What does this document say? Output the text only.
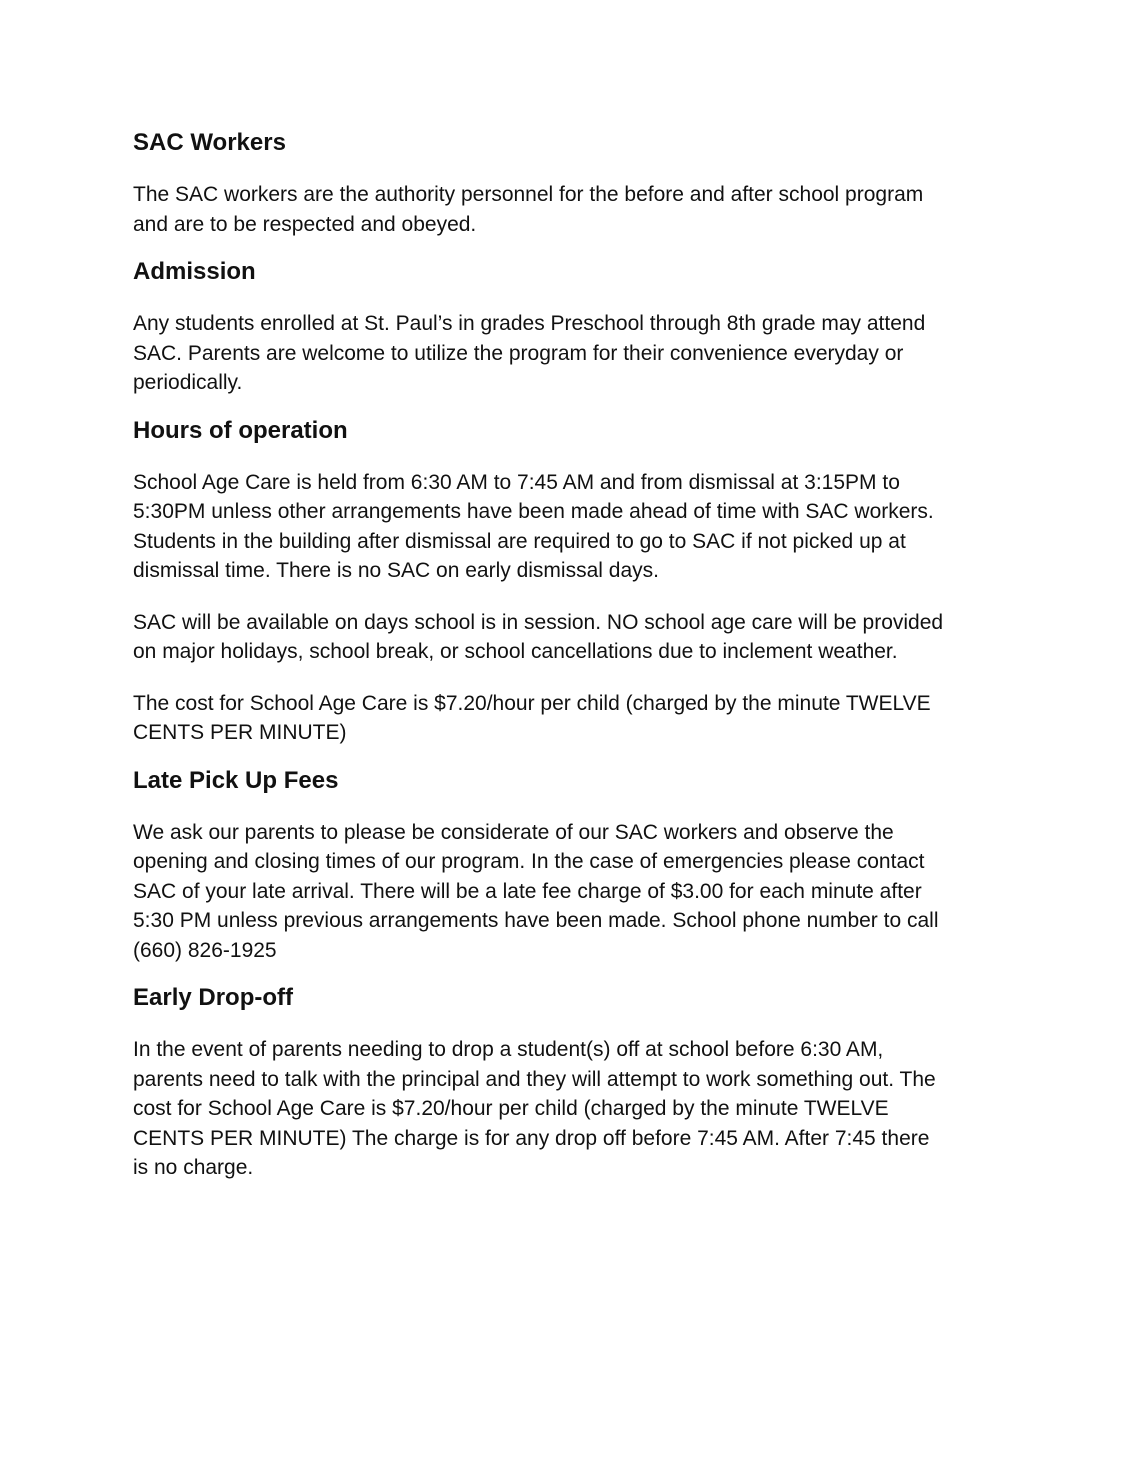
SAC Workers

The SAC workers are the authority personnel for the before and after school program
and are to be respected and obeyed.

Admission

Any students enrolled at St. Paul’s in grades Preschool through 8th grade may attend
SAC. Parents are welcome to utilize the program for their convenience everyday or
periodically.

Hours of operation

School Age Care is held from 6:30 AM to 7:45 AM and from dismissal at 3:15PM to
5:30PM unless other arrangements have been made ahead of time with SAC workers.
Students in the building after dismissal are required to go to SAC if not picked up at
dismissal time. There is no SAC on early dismissal days.

SAC will be available on days school is in session. NO school age care will be provided
on major holidays, school break, or school cancellations due to inclement weather.

The cost for School Age Care is $7.20/hour per child (charged by the minute TWELVE
CENTS PER MINUTE)

Late Pick Up Fees

We ask our parents to please be considerate of our SAC workers and observe the
opening and closing times of our program. In the case of emergencies please contact
SAC of your late arrival. There will be a late fee charge of $3.00 for each minute after
5:30 PM unless previous arrangements have been made. School phone number to call
(660) 826-1925

Early Drop-off

In the event of parents needing to drop a student(s) off at school before 6:30 AM,
parents need to talk with the principal and they will attempt to work something out. The
cost for School Age Care is $7.20/hour per child (charged by the minute TWELVE
CENTS PER MINUTE) The charge is for any drop off before 7:45 AM. After 7:45 there
is no charge.
